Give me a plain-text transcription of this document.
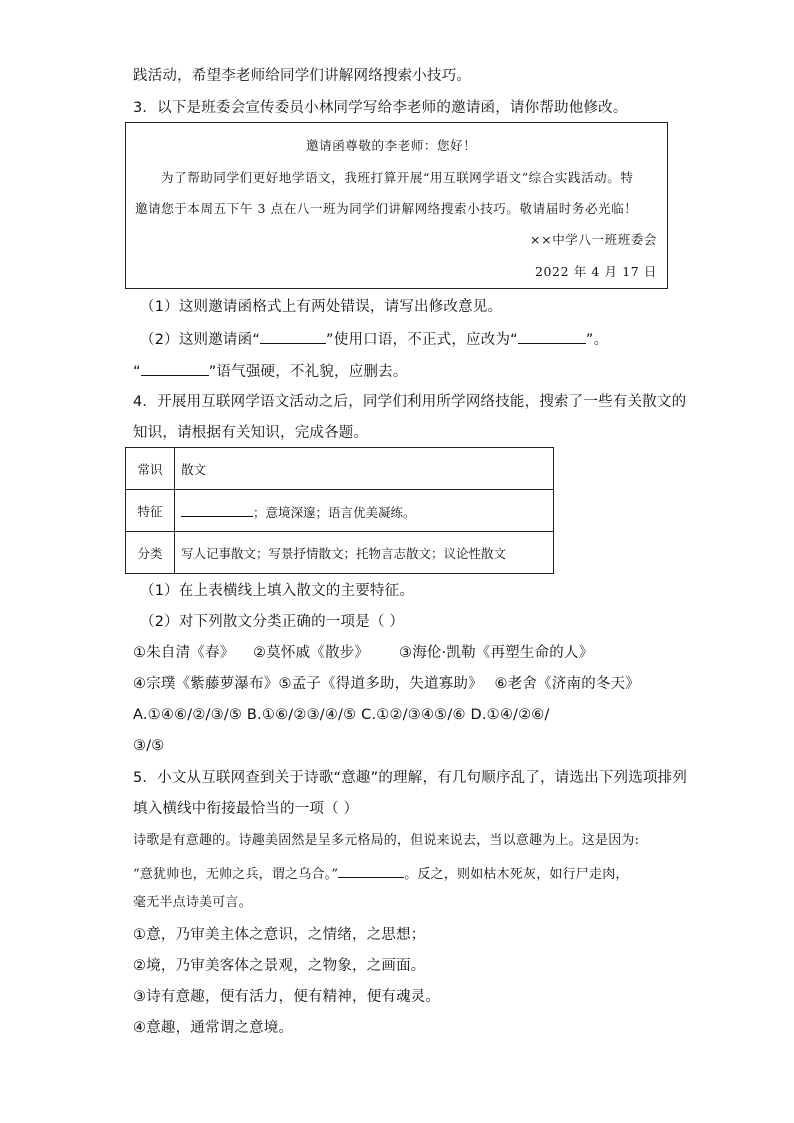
践活动，希望李老师给同学们讲解网络搜索小技巧。
3．以下是班委会宣传委员小林同学写给李老师的邀请函，请你帮助他修改。
邀请函尊敬的李老师：您好！
为了帮助同学们更好地学语文，我班打算开展“用互联网学语文”综合实践活动。特
邀请您于本周五下午 3 点在八一班为同学们讲解网络搜索小技巧。敬请届时务必光临！
××中学八一班班委会
2022 年 4 月 17 日
（1）这则邀请函格式上有两处错误，请写出修改意见。
（2）这则邀请函“	”使用口语，不正式，应改为“	”。
“	”语气强硬，不礼貌，应删去。
4．开展用互联网学语文活动之后，同学们利用所学网络技能，搜索了一些有关散文的
知识，请根据有关知识，完成各题。
常识	散文
特征	；意境深邃；语言优美凝练。
分类	写人记事散文；写景抒情散文；托物言志散文；议论性散文
（1）在上表横线上填入散文的主要特征。
（2）对下列散文分类正确的一项是（ ）
①朱自清《春》 ②莫怀戚《散步》 ③海伦·凯勒《再塑生命的人》
④宗璞《紫藤萝瀑布》⑤孟子《得道多助，失道寡助》 ⑥老舍《济南的冬天》
A.①④⑥/②/③/⑤ B.①⑥/②③/④/⑤ C.①②/③④⑤/⑥ D.①④/②⑥/
③/⑤
5．小文从互联网查到关于诗歌“意趣”的理解，有几句顺序乱了，请选出下列选项排列
填入横线中衔接最恰当的一项（ ）
诗歌是有意趣的。诗趣美固然是呈多元格局的，但说来说去，当以意趣为上。这是因为:
“意犹帅也，无帅之兵，谓之乌合。”	。反之，则如枯木死灰，如行尸走肉，
毫无半点诗美可言。
①意，乃审美主体之意识，之情绪，之思想；
②境，乃审美客体之景观，之物象，之画面。
③诗有意趣，便有活力，便有精神，便有魂灵。
④意趣，通常谓之意境。
